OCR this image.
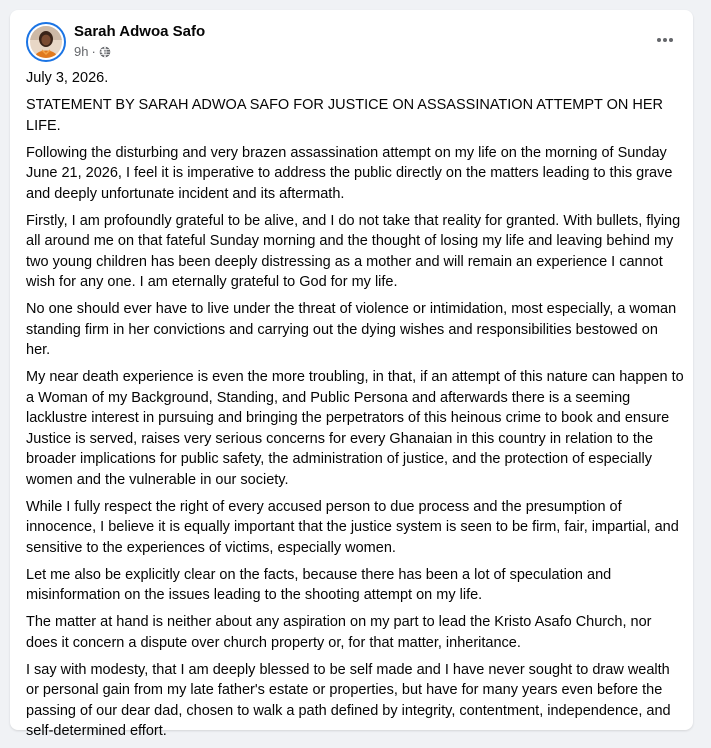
Sarah Adwoa Safo
9h ·

July 3, 2026.

STATEMENT BY SARAH ADWOA SAFO FOR JUSTICE ON ASSASSINATION ATTEMPT ON HER LIFE.

Following the disturbing and very brazen assassination attempt on my life on the morning of Sunday June 21, 2026, I feel it is imperative to address the public directly on the matters leading to this grave and deeply unfortunate incident and its aftermath.

Firstly, I am profoundly grateful to be alive, and I do not take that reality for granted. With bullets, flying all around me on that fateful Sunday morning and the thought of losing my life and leaving behind my two young children has been deeply distressing as a mother and will remain an experience I cannot wish for any one. I am eternally grateful to God for my life.

No one should ever have to live under the threat of violence or intimidation, most especially, a woman standing firm in her convictions and carrying out the dying wishes and responsibilities bestowed on her.

My near death experience is even the more troubling, in that, if an attempt of this nature can happen to a Woman of my Background, Standing, and Public Persona and afterwards there is a seeming lacklustre interest in pursuing and bringing the perpetrators of this heinous crime to book and ensure Justice is served, raises very serious concerns for every Ghanaian in this country in relation to the broader implications for public safety, the administration of justice, and the protection of especially women and the vulnerable in our society.

While I fully respect the right of every accused person to due process and the presumption of innocence, I believe it is equally important that the justice system is seen to be firm, fair, impartial, and sensitive to the experiences of victims, especially women.

Let me also be explicitly clear on the facts, because there has been a lot of speculation and misinformation on the issues leading to the shooting attempt on my life.

The matter at hand is neither about any aspiration on my part to lead the Kristo Asafo Church, nor does it concern a dispute over church property or, for that matter, inheritance.

I say with modesty, that I am deeply blessed to be self made and I have never sought to draw wealth or personal gain from my late father's estate or properties, but have for many years even before the passing of our dear dad, chosen to walk a path defined by integrity, contentment, independence, and self-determined effort.
